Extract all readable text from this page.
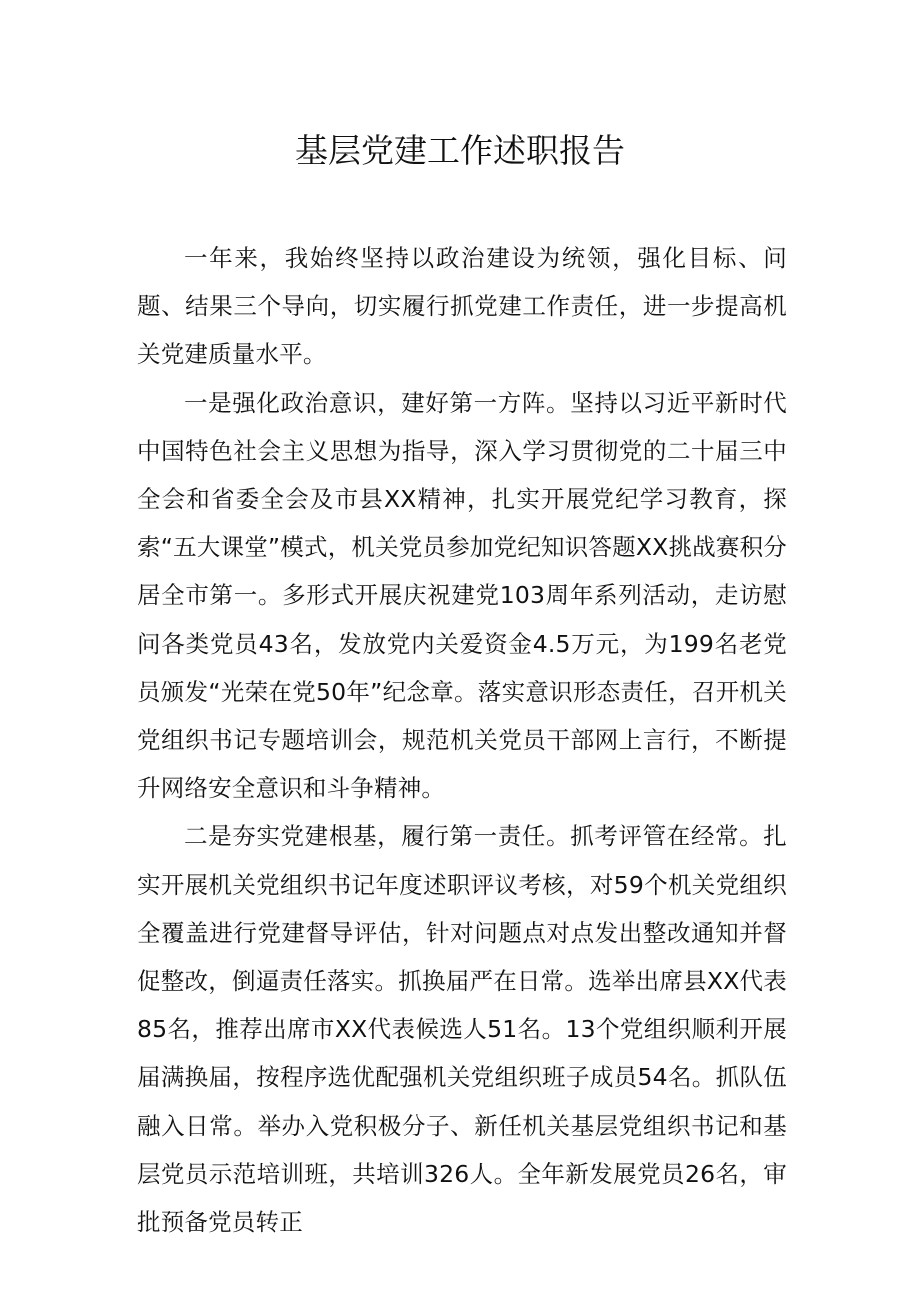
基层党建工作述职报告

一年来，我始终坚持以政治建设为统领，强化目标、问题、结果三个导向，切实履行抓党建工作责任，进一步提高机关党建质量水平。

一是强化政治意识，建好第一方阵。坚持以习近平新时代中国特色社会主义思想为指导，深入学习贯彻党的二十届三中全会和省委全会及市县XX精神，扎实开展党纪学习教育，探索“五大课堂”模式，机关党员参加党纪知识答题XX挑战赛积分居全市第一。多形式开展庆祝建党103周年系列活动，走访慰问各类党员43名，发放党内关爱资金4.5万元，为199名老党员颁发“光荣在党50年”纪念章。落实意识形态责任，召开机关党组织书记专题培训会，规范机关党员干部网上言行，不断提升网络安全意识和斗争精神。

二是夯实党建根基，履行第一责任。抓考评管在经常。扎实开展机关党组织书记年度述职评议考核，对59个机关党组织全覆盖进行党建督导评估，针对问题点对点发出整改通知并督促整改，倒逼责任落实。抓换届严在日常。选举出席县XX代表85名，推荐出席市XX代表候选人51名。13个党组织顺利开展届满换届，按程序选优配强机关党组织班子成员54名。抓队伍融入日常。举办入党积极分子、新任机关基层党组织书记和基层党员示范培训班，共培训326人。全年新发展党员26名，审批预备党员转正
